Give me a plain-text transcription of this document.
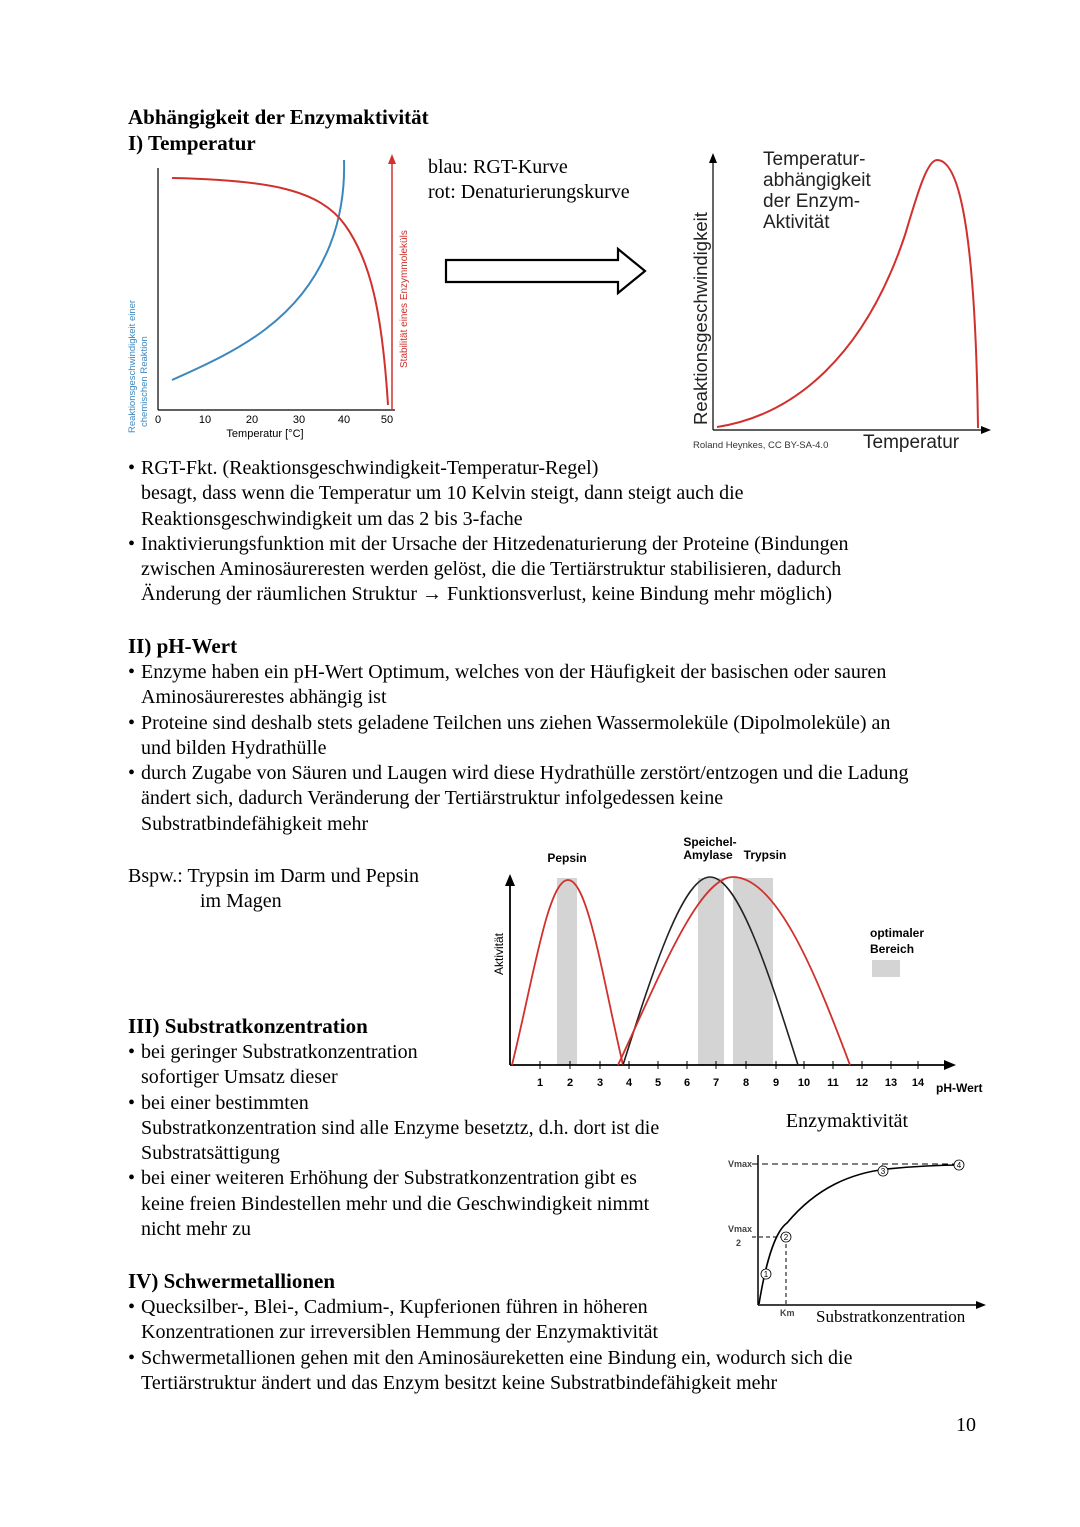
Abhängigkeit der Enzymaktivität
I) Temperatur
Reaktionsgeschwindigkeit einer chemischen Reaktion
Stabilität eines Enzymmoleküls
0	10	20	30	40	50
Temperatur [°C]
blau: RGT-Kurve
rot: Denaturierungskurve
Temperatur-
abhängigkeit
der Enzym-
Aktivität
Reaktionsgeschwindigkeit
Roland Heynkes, CC BY-SA-4.0 Temperatur
• RGT-Fkt. (Reaktionsgeschwindigkeit-Temperatur-Regel)
besagt, dass wenn die Temperatur um 10 Kelvin steigt, dann steigt auch die
Reaktionsgeschwindigkeit um das 2 bis 3-fache
• Inaktivierungsfunktion mit der Ursache der Hitzedenaturierung der Proteine (Bindungen
zwischen Aminosäureresten werden gelöst, die die Tertiärstruktur stabilisieren, dadurch
Änderung der räumlichen Struktur → Funktionsverlust, keine Bindung mehr möglich)
II) pH-Wert
• Enzyme haben ein pH-Wert Optimum, welches von der Häufigkeit der basischen oder sauren
Aminosäurerestes abhängig ist
• Proteine sind deshalb stets geladene Teilchen uns ziehen Wassermoleküle (Dipolmoleküle) an
und bilden Hydrathülle
• durch Zugabe von Säuren und Laugen wird diese Hydrathülle zerstört/entzogen und die Ladung
ändert sich, dadurch Veränderung der Tertiärstruktur infolgedessen keine
Substratbindefähigkeit mehr
Bspw.: Trypsin im Darm und Pepsin
im Magen
1 2 3 4 5 6 7 8 9 10 11 12 13 14 pH-Wert
Aktivität
Pepsin
Speichel-
Amylase Trypsin
optimaler
Bereich
III) Substratkonzentration
• bei geringer Substratkonzentration
sofortiger Umsatz dieser
• bei einer bestimmten
Substratkonzentration sind alle Enzyme besetztz, d.h. dort ist die
Substratsättigung
• bei einer weiteren Erhöhung der Substratkonzentration gibt es
keine freien Bindestellen mehr und die Geschwindigkeit nimmt
nicht mehr zu
Enzymaktivität
Vmax
Vmax
2
Km
1
2
3
4
Substratkonzentration
IV) Schwermetallionen
• Quecksilber-, Blei-, Cadmium-, Kupferionen führen in höheren
Konzentrationen zur irreversiblen Hemmung der Enzymaktivität
• Schwermetallionen gehen mit den Aminosäureketten eine Bindung ein, wodurch sich die
Tertiärstruktur ändert und das Enzym besitzt keine Substratbindefähigkeit mehr
10
